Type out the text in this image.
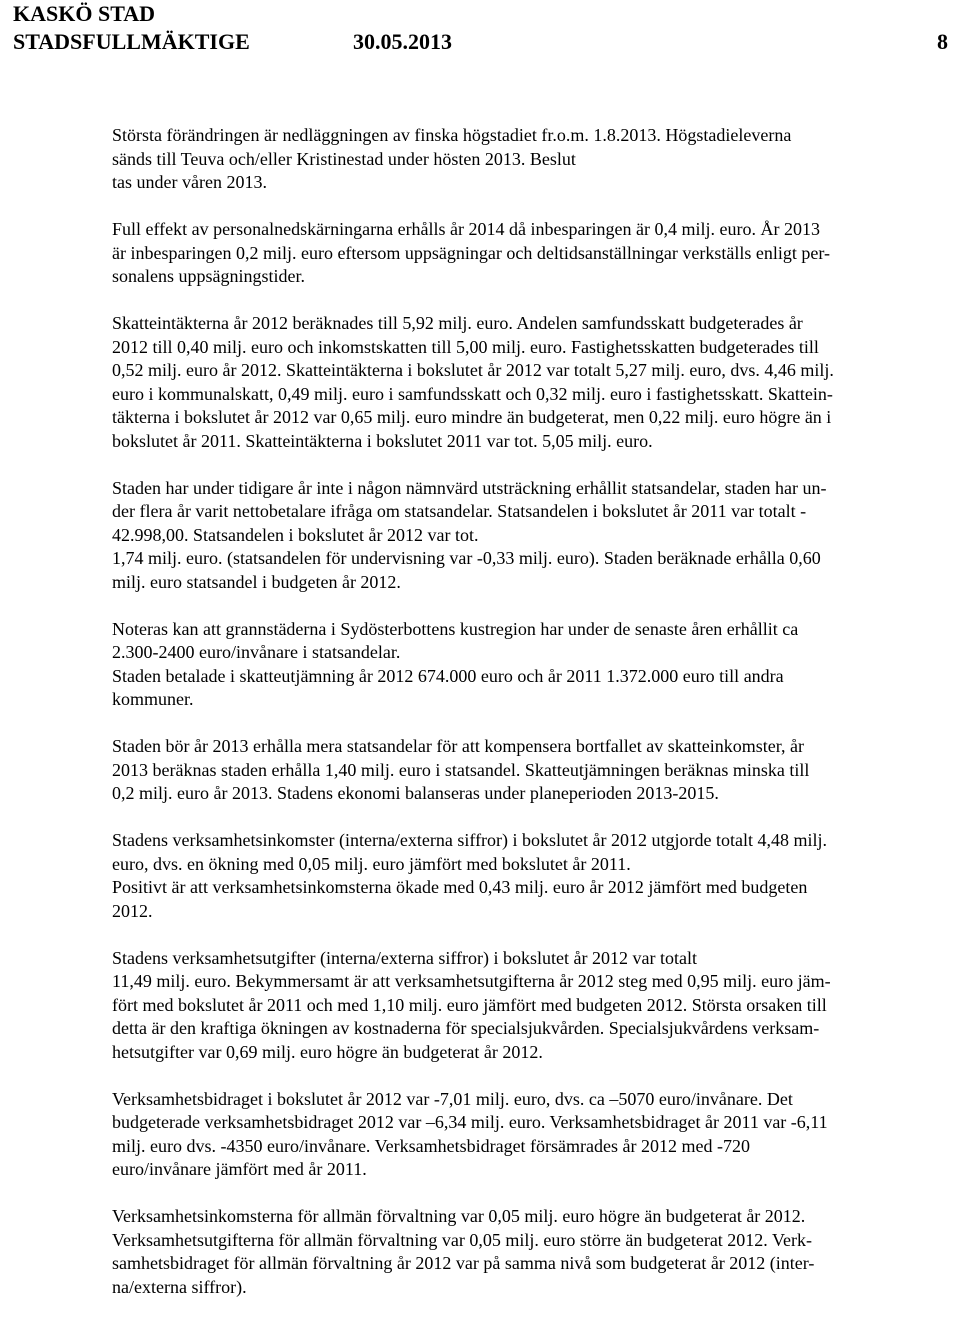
KASKÖ STAD
STADSFULLMÄKTIGE	30.05.2013	8
Största förändringen är nedläggningen av finska högstadiet fr.o.m. 1.8.2013. Högstadieleverna
sänds till Teuva och/eller Kristinestad under hösten 2013. Beslut
tas under våren 2013.
Full effekt av personalnedskärningarna erhålls år 2014 då inbesparingen är 0,4 milj. euro. År 2013
är inbesparingen 0,2 milj. euro eftersom uppsägningar och deltidsanställningar verkställs enligt per-
sonalens uppsägningstider.
Skatteintäkterna år 2012 beräknades till 5,92 milj. euro. Andelen samfundsskatt budgeterades år
2012 till 0,40 milj. euro och inkomstskatten till 5,00 milj. euro. Fastighetsskatten budgeterades till
0,52 milj. euro år 2012. Skatteintäkterna i bokslutet år 2012 var totalt 5,27 milj. euro, dvs. 4,46 milj.
euro i kommunalskatt, 0,49 milj. euro i samfundsskatt och 0,32 milj. euro i fastighetsskatt. Skattein-
täkterna i bokslutet år 2012 var 0,65 milj. euro mindre än budgeterat, men 0,22 milj. euro högre än i
bokslutet år 2011. Skatteintäkterna i bokslutet 2011 var tot. 5,05 milj. euro.
Staden har under tidigare år inte i någon nämnvärd utsträckning erhållit statsandelar, staden har un-
der flera år varit nettobetalare ifråga om statsandelar. Statsandelen i bokslutet år 2011 var totalt -
42.998,00. Statsandelen i bokslutet år 2012 var tot.
1,74 milj. euro. (statsandelen för undervisning var -0,33 milj. euro). Staden beräknade erhålla 0,60
milj. euro statsandel i budgeten år 2012.
Noteras kan att grannstäderna i Sydösterbottens kustregion har under de senaste åren erhållit ca
2.300-2400 euro/invånare i statsandelar.
Staden betalade i skatteutjämning år 2012 674.000 euro och år 2011 1.372.000 euro till andra
kommuner.
Staden bör år 2013 erhålla mera statsandelar för att kompensera bortfallet av skatteinkomster, år
2013 beräknas staden erhålla 1,40 milj. euro i statsandel. Skatteutjämningen beräknas minska till
0,2 milj. euro år 2013. Stadens ekonomi balanseras under planeperioden 2013-2015.
Stadens verksamhetsinkomster (interna/externa siffror) i bokslutet år 2012 utgjorde totalt 4,48 milj.
euro, dvs. en ökning med 0,05 milj. euro jämfört med bokslutet år 2011.
Positivt är att verksamhetsinkomsterna ökade med 0,43 milj. euro år 2012 jämfört med budgeten
2012.
Stadens verksamhetsutgifter (interna/externa siffror) i bokslutet år 2012 var totalt
11,49 milj. euro. Bekymmersamt är att verksamhetsutgifterna år 2012 steg med 0,95 milj. euro jäm-
fört med bokslutet år 2011 och med 1,10 milj. euro jämfört med budgeten 2012. Största orsaken till
detta är den kraftiga ökningen av kostnaderna för specialsjukvården. Specialsjukvårdens verksam-
hetsutgifter var 0,69 milj. euro högre än budgeterat år 2012.
Verksamhetsbidraget i bokslutet år 2012 var -7,01 milj. euro, dvs. ca –5070 euro/invånare. Det
budgeterade verksamhetsbidraget 2012 var –6,34 milj. euro. Verksamhetsbidraget år 2011 var -6,11
milj. euro dvs. -4350 euro/invånare. Verksamhetsbidraget försämrades år 2012 med -720
euro/invånare jämfört med år 2011.
Verksamhetsinkomsterna för allmän förvaltning var 0,05 milj. euro högre än budgeterat år 2012.
Verksamhetsutgifterna för allmän förvaltning var 0,05 milj. euro större än budgeterat 2012. Verk-
samhetsbidraget för allmän förvaltning år 2012 var på samma nivå som budgeterat år 2012 (inter-
na/externa siffror).
